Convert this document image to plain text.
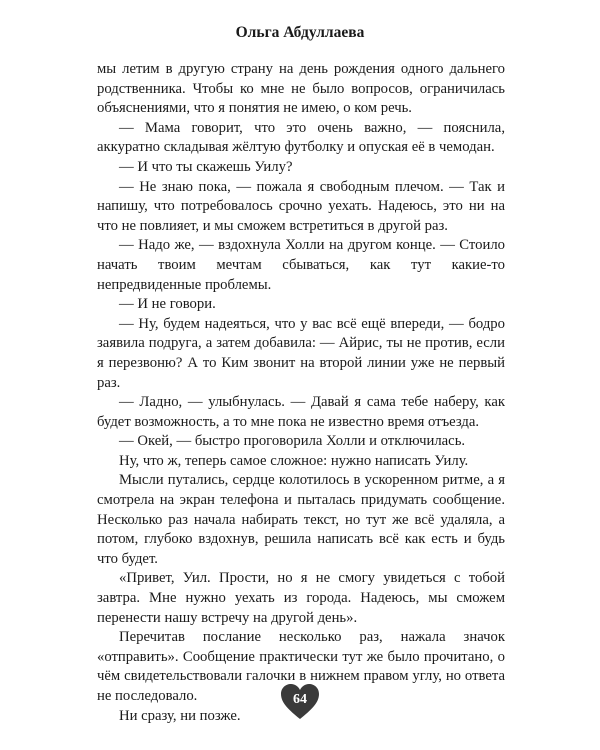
Ольга Абдуллаева

мы летим в другую страну на день рождения одного дальнего родственника. Чтобы ко мне не было вопросов, ограничилась объяснениями, что я понятия не имею, о ком речь.

— Мама говорит, что это очень важно, — пояснила, аккуратно складывая жёлтую футболку и опуская её в чемодан.

— И что ты скажешь Уилу?

— Не знаю пока, — пожала я свободным плечом. — Так и напишу, что потребовалось срочно уехать. Надеюсь, это ни на что не повлияет, и мы сможем встретиться в другой раз.

— Надо же, — вздохнула Холли на другом конце. — Стоило начать твоим мечтам сбываться, как тут какие-то непредвиденные проблемы.

— И не говори.

— Ну, будем надеяться, что у вас всё ещё впереди, — бодро заявила подруга, а затем добавила: — Айрис, ты не против, если я перезвоню? А то Ким звонит на второй линии уже не первый раз.

— Ладно, — улыбнулась. — Давай я сама тебе наберу, как будет возможность, а то мне пока не известно время отъезда.

— Окей, — быстро проговорила Холли и отключилась.

Ну, что ж, теперь самое сложное: нужно написать Уилу.

Мысли путались, сердце колотилось в ускоренном ритме, а я смотрела на экран телефона и пыталась придумать сообщение. Несколько раз начала набирать текст, но тут же всё удаляла, а потом, глубоко вздохнув, решила написать всё как есть и будь что будет.

«Привет, Уил. Прости, но я не смогу увидеться с тобой завтра. Мне нужно уехать из города. Надеюсь, мы сможем перенести нашу встречу на другой день».

Перечитав послание несколько раз, нажала значок «отправить». Сообщение практически тут же было прочитано, о чём свидетельствовали галочки в нижнем правом углу, но ответа не последовало.

Ни сразу, ни позже.

64
